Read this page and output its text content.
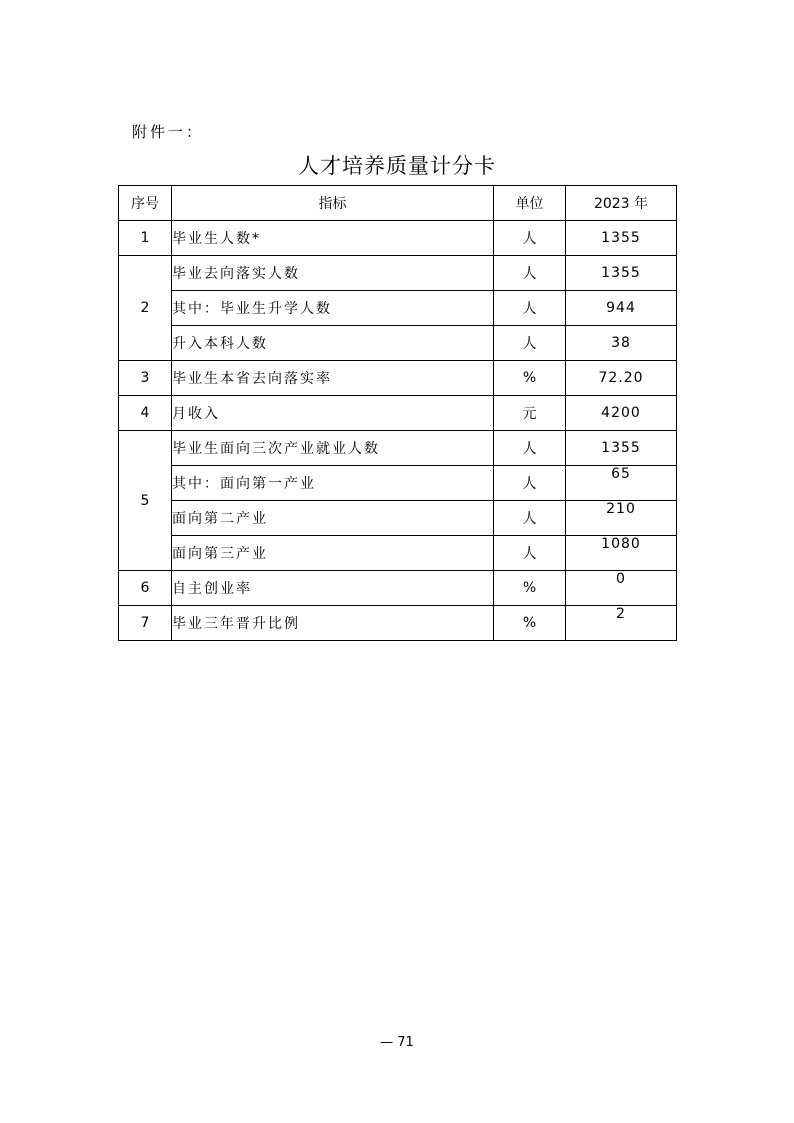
附件一：
人才培养质量计分卡
序号	指标	单位	2023 年
1	毕业生人数*	人	1355
2	毕业去向落实人数	人	1355
	其中：毕业生升学人数	人	944
	升入本科人数	人	38
3	毕业生本省去向落实率	%	72.20
4	月收入	元	4200
5	毕业生面向三次产业就业人数	人	1355
	其中：面向第一产业	人	65
	面向第二产业	人	210
	面向第三产业	人	1080
6	自主创业率	%	0
7	毕业三年晋升比例	%	2
— 71
